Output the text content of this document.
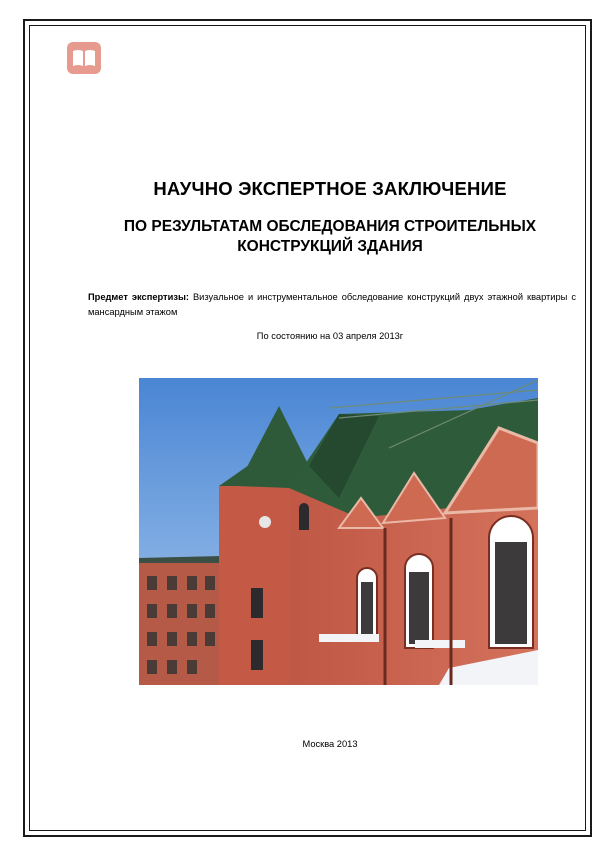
НАУЧНО ЭКСПЕРТНОЕ ЗАКЛЮЧЕНИЕ
ПО РЕЗУЛЬТАТАМ ОБСЛЕДОВАНИЯ СТРОИТЕЛЬНЫХ
КОНСТРУКЦИЙ ЗДАНИЯ
Предмет экспертизы: Визуальное и инструментальное обследование конструкций двух этажной квартиры с мансардным этажом
По состоянию на 03 апреля 2013г
Москва 2013
